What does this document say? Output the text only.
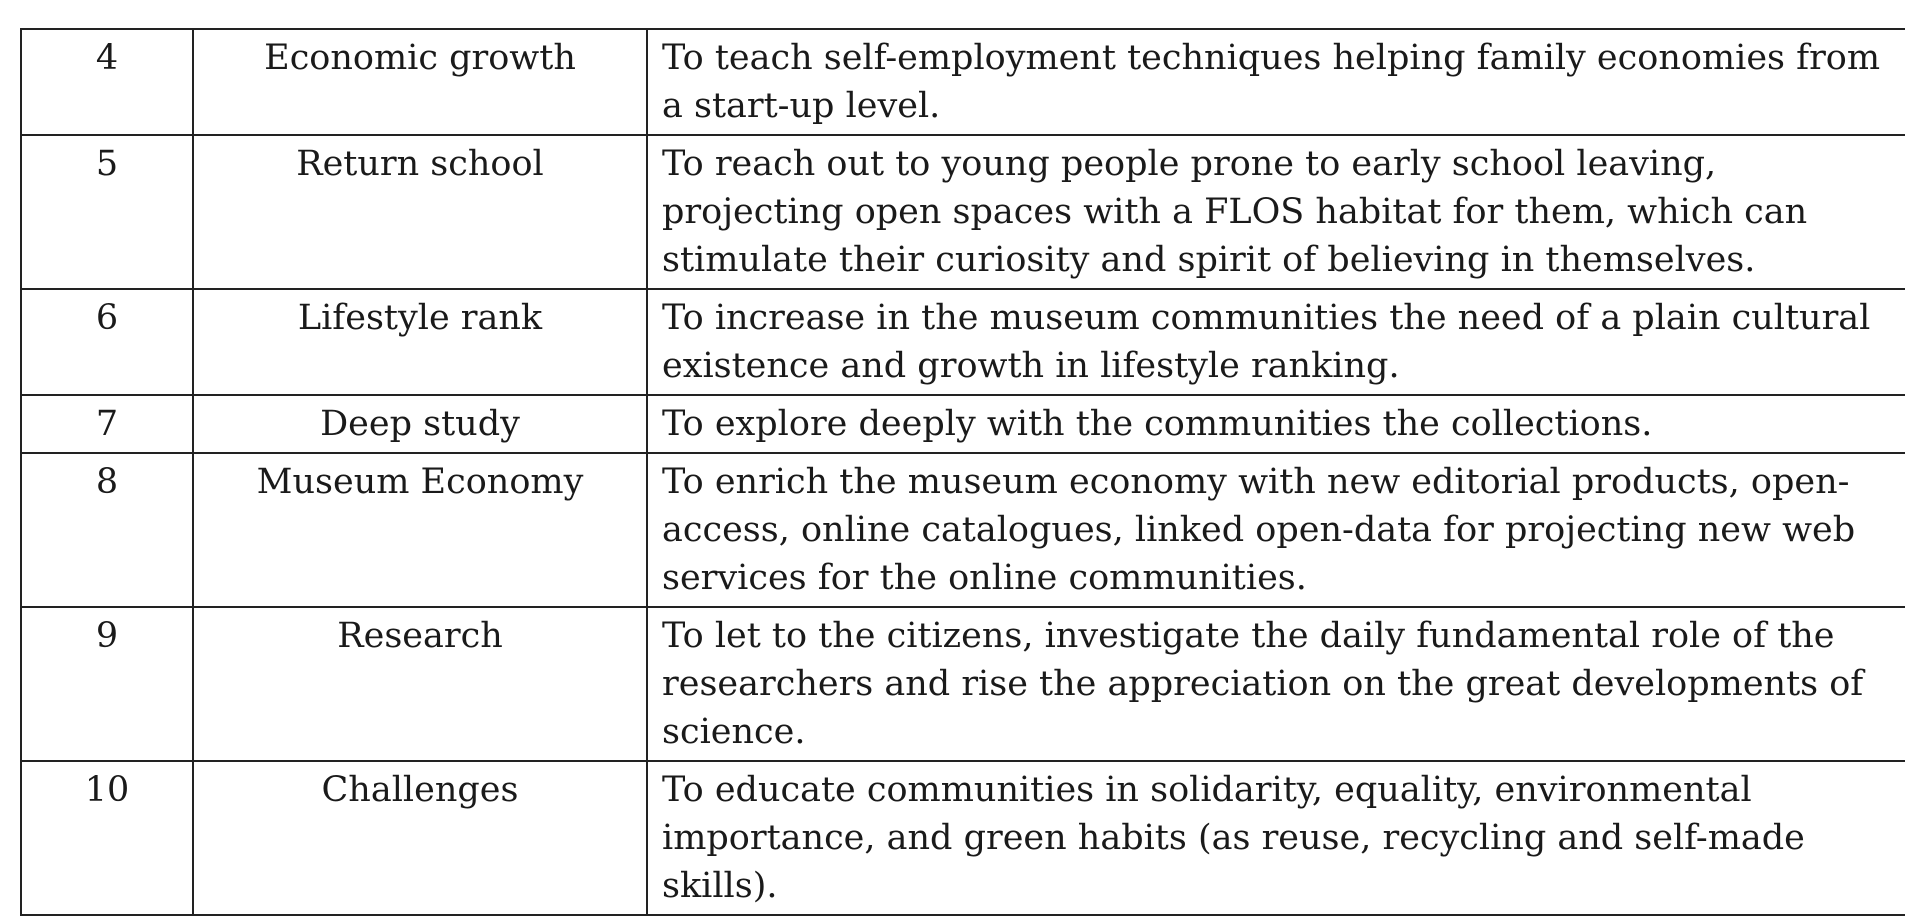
4	Economic growth	To teach self-employment techniques helping family economies from a start-up level.
5	Return school	To reach out to young people prone to early school leaving, projecting open spaces with a FLOS habitat for them, which can stimulate their curiosity and spirit of believing in themselves.
6	Lifestyle rank	To increase in the museum communities the need of a plain cultural existence and growth in lifestyle ranking.
7	Deep study	To explore deeply with the communities the collections.
8	Museum Economy	To enrich the museum economy with new editorial products, open-access, online catalogues, linked open-data for projecting new web services for the online communities.
9	Research	To let to the citizens, investigate the daily fundamental role of the researchers and rise the appreciation on the great developments of science.
10	Challenges	To educate communities in solidarity, equality, environmental importance, and green habits (as reuse, recycling and self-made skills).
